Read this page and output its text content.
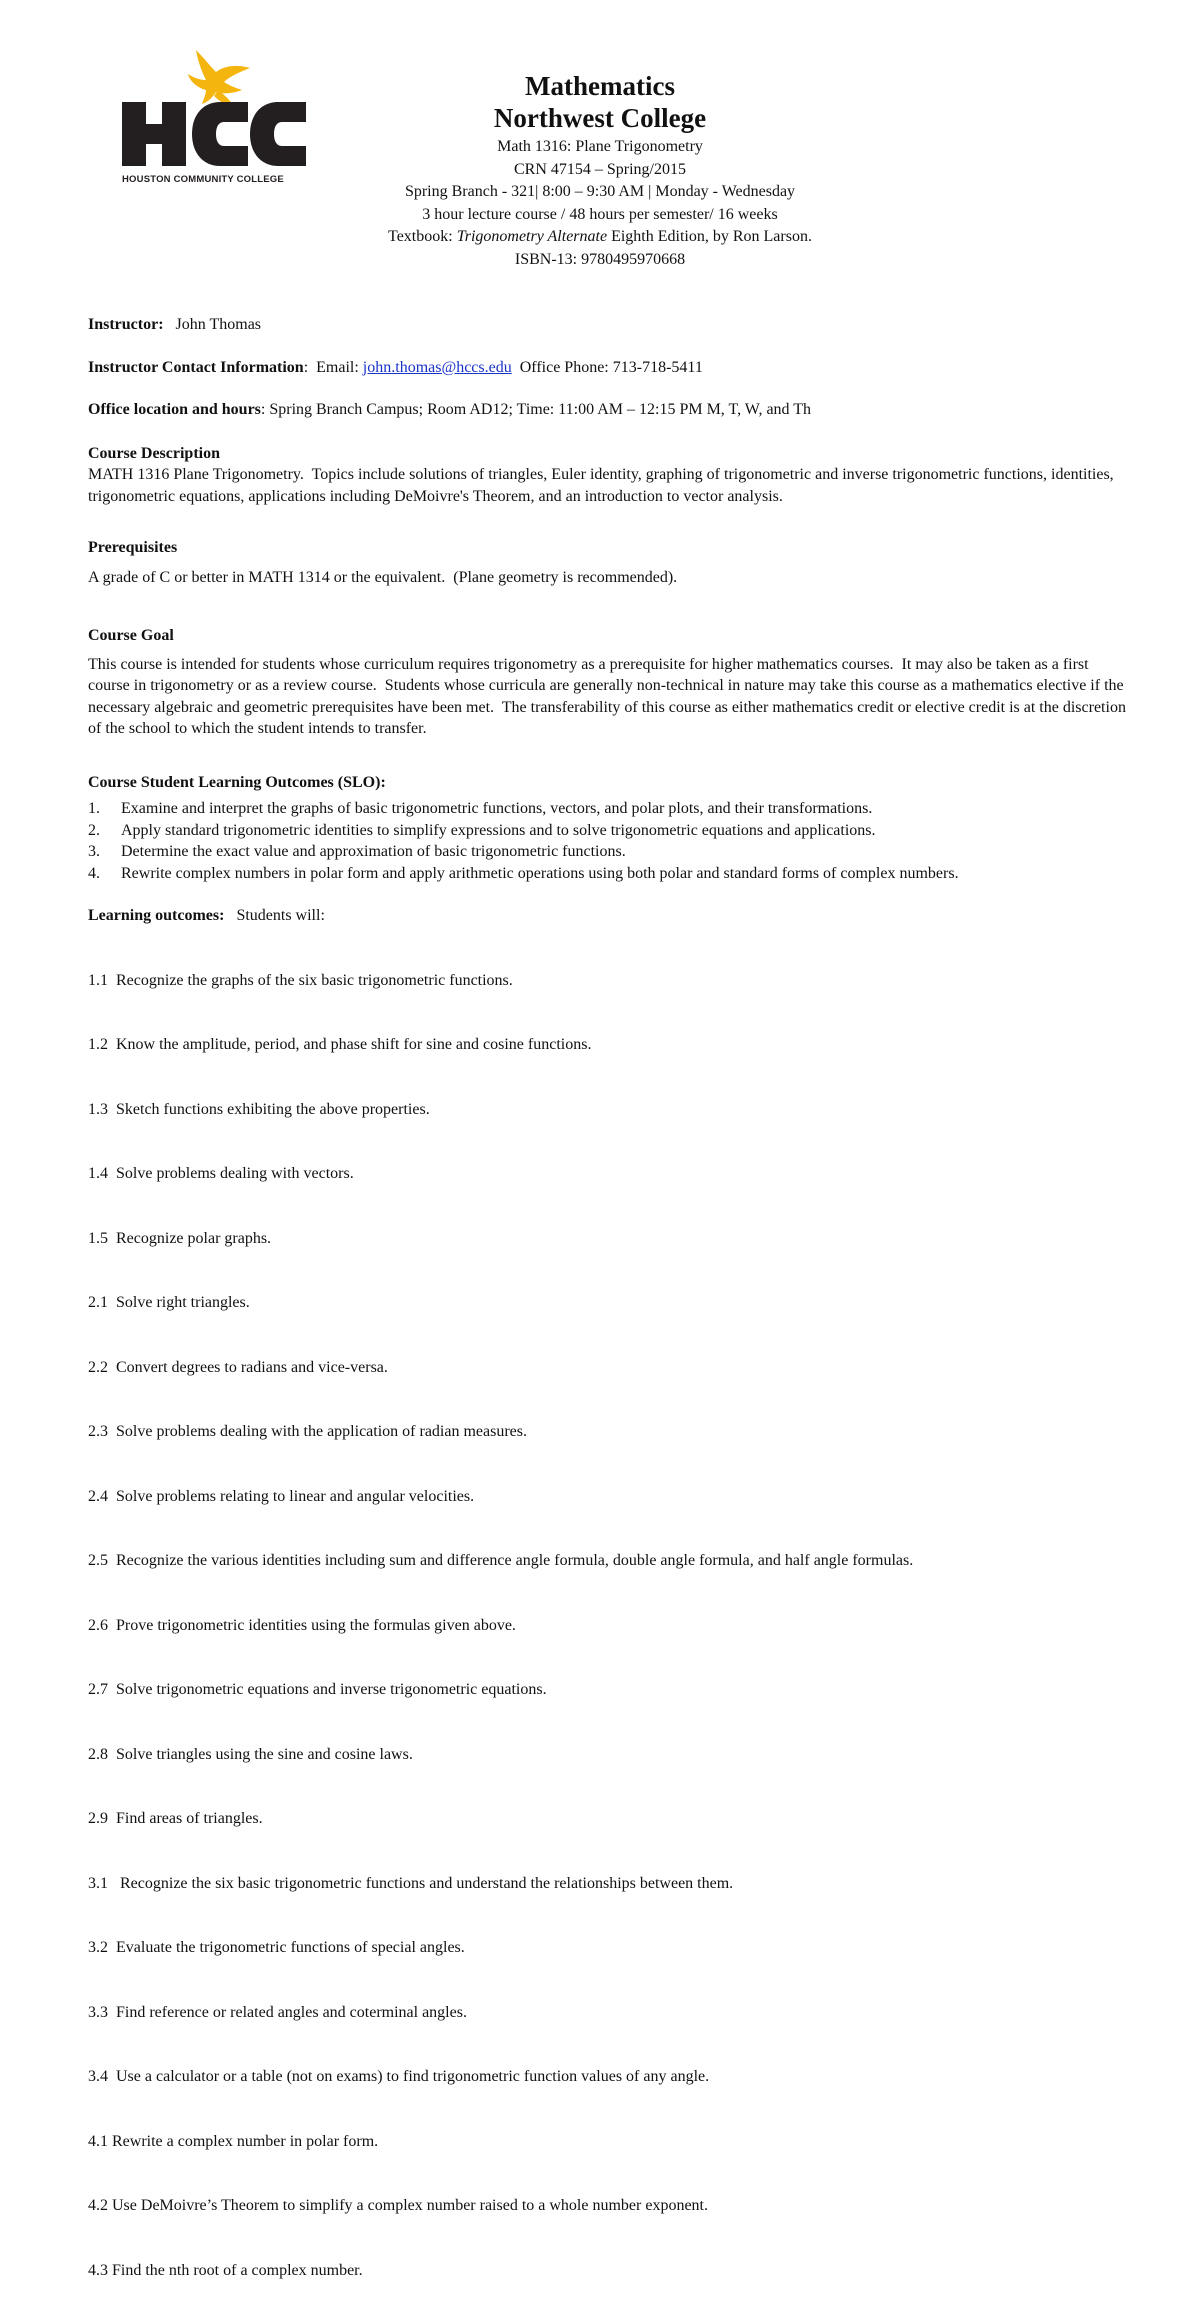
HOUSTON COMMUNITY COLLEGE
Mathematics
Northwest College
Math 1316: Plane Trigonometry
CRN 47154 – Spring/2015
Spring Branch - 321| 8:00 – 9:30 AM | Monday - Wednesday
3 hour lecture course / 48 hours per semester/ 16 weeks
Textbook: Trigonometry Alternate Eighth Edition, by Ron Larson.
ISBN-13: 9780495970668

Instructor: John Thomas

Instructor Contact Information:  Email: john.thomas@hccs.edu  Office Phone: 713-718-5411

Office location and hours: Spring Branch Campus; Room AD12; Time: 11:00 AM – 12:15 PM M, T, W, and Th

Course Description

MATH 1316 Plane Trigonometry.  Topics include solutions of triangles, Euler identity, graphing of trigonometric and inverse trigonometric functions, identities, trigonometric equations, applications including DeMoivre's Theorem, and an introduction to vector analysis.

Prerequisites

A grade of C or better in MATH 1314 or the equivalent.  (Plane geometry is recommended).

Course Goal

This course is intended for students whose curriculum requires trigonometry as a prerequisite for higher mathematics courses.  It may also be taken as a first course in trigonometry or as a review course.  Students whose curricula are generally non-technical in nature may take this course as a mathematics elective if the necessary algebraic and geometric prerequisites have been met.  The transferability of this course as either mathematics credit or elective credit is at the discretion of the school to which the student intends to transfer.

Course Student Learning Outcomes (SLO):

1.	Examine and interpret the graphs of basic trigonometric functions, vectors, and polar plots, and their transformations.
2.	Apply standard trigonometric identities to simplify expressions and to solve trigonometric equations and applications.
3.	Determine the exact value and approximation of basic trigonometric functions.
4.	Rewrite complex numbers in polar form and apply arithmetic operations using both polar and standard forms of complex numbers.

Learning outcomes:   Students will:

1.1  Recognize the graphs of the six basic trigonometric functions.

1.2  Know the amplitude, period, and phase shift for sine and cosine functions.

1.3  Sketch functions exhibiting the above properties.

1.4  Solve problems dealing with vectors.

1.5  Recognize polar graphs.

2.1  Solve right triangles.

2.2  Convert degrees to radians and vice-versa.

2.3  Solve problems dealing with the application of radian measures.

2.4  Solve problems relating to linear and angular velocities.

2.5  Recognize the various identities including sum and difference angle formula, double angle formula, and half angle formulas.

2.6  Prove trigonometric identities using the formulas given above.

2.7  Solve trigonometric equations and inverse trigonometric equations.

2.8  Solve triangles using the sine and cosine laws.

2.9  Find areas of triangles.

3.1   Recognize the six basic trigonometric functions and understand the relationships between them.

3.2  Evaluate the trigonometric functions of special angles.

3.3  Find reference or related angles and coterminal angles.

3.4  Use a calculator or a table (not on exams) to find trigonometric function values of any angle.

4.1 Rewrite a complex number in polar form.

4.2 Use DeMoivre’s Theorem to simplify a complex number raised to a whole number exponent.

4.3 Find the nth root of a complex number.
